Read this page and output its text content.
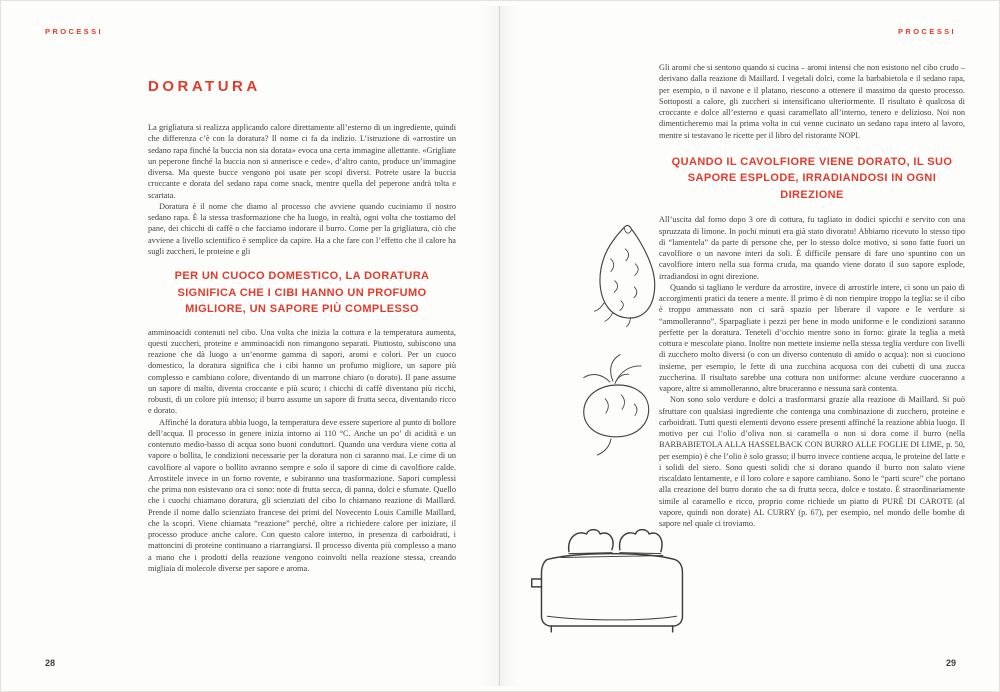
PROCESSI	PROCESSI
DORATURA

La grigliatura si realizza applicando calore direttamente all’esterno di un ingrediente, quindi che differenza c’è con la doratura? Il nome ci fa da indizio. L’istruzione di «arrostire un sedano rapa finché la buccia non sia dorata» evoca una certa immagine allettante. «Grigliate un peperone finché la buccia non si annerisce e cede», d’altro canto, produce un’immagine diversa. Ma queste bucce vengono poi usate per scopi diversi. Potrete usare la buccia croccante e dorata del sedano rapa come snack, mentre quella del peperone andrà tolta e scartata.

Doratura è il nome che diamo al processo che avviene quando cuciniamo il nostro sedano rapa. È la stessa trasformazione che ha luogo, in realtà, ogni volta che tostiamo del pane, dei chicchi di caffè o che facciamo indorare il burro. Come per la grigliatura, ciò che avviene a livello scientifico è semplice da capire. Ha a che fare con l’effetto che il calore ha sugli zuccheri, le proteine e gli

PER UN CUOCO DOMESTICO, LA DORATURA SIGNIFICA CHE I CIBI HANNO UN PROFUMO MIGLIORE, UN SAPORE PIÙ COMPLESSO

amminoacidi contenuti nel cibo. Una volta che inizia la cottura e la temperatura aumenta, questi zuccheri, proteine e amminoacidi non rimangono separati. Piuttosto, subiscono una reazione che dà luogo a un’enorme gamma di sapori, aromi e colori. Per un cuoco domestico, la doratura significa che i cibi hanno un profumo migliore, un sapore più complesso e cambiano colore, diventando di un marrone chiaro (o dorato). Il pane assume un sapore di malto, diventa croccante e più scuro; i chicchi di caffè diventano più ricchi, robusti, di un colore più intenso; il burro assume un sapore di frutta secca, diventando ricco e dorato.

Affinché la doratura abbia luogo, la temperatura deve essere superiore al punto di bollore dell’acqua. Il processo in genere inizia intorno ai 110 °C. Anche un po’ di acidità e un contenuto medio-basso di acqua sono buoni conduttori. Quando una verdura viene cotta al vapore o bollita, le condizioni necessarie per la doratura non ci saranno mai. Le cime di un cavolfiore al vapore o bollito avranno sempre e solo il sapore di cime di cavolfiore calde. Arrostitele invece in un forno rovente, e subiranno una trasformazione. Sapori complessi che prima non esistevano ora ci sono: note di frutta secca, di panna, dolci e sfumate. Quello che i cuochi chiamano doratura, gli scienziati del cibo lo chiamano reazione di Maillard. Prende il nome dallo scienziato francese dei primi del Novecento Louis Camille Maillard, che la scoprì. Viene chiamata “reazione” perché, oltre a richiedere calore per iniziare, il processo produce anche calore. Con questo calore interno, in presenza di carboidrati, i mattoncini di proteine continuano a riarrangiarsi. Il processo diventa più complesso a mano a mano che i prodotti della reazione vengono coinvolti nella reazione stessa, creando migliaia di molecole diverse per sapore e aroma.

28

Gli aromi che si sentono quando si cucina – aromi intensi che non esistono nel cibo crudo – derivano dalla reazione di Maillard. I vegetali dolci, come la barbabietola e il sedano rapa, per esempio, o il navone e il platano, riescono a ottenere il massimo da questo processo. Sottoposti a calore, gli zuccheri si intensificano ulteriormente. Il risultato è qualcosa di croccante e dolce all’esterno e quasi caramellato all’interno, tenero e delizioso. Noi non dimenticheremo mai la prima volta in cui venne cucinato un sedano rapa intero al lavoro, mentre si testavano le ricette per il libro del ristorante NOPI.

QUANDO IL CAVOLFIORE VIENE DORATO, IL SUO SAPORE ESPLODE, IRRADIANDOSI IN OGNI DIREZIONE

All’uscita dal forno dopo 3 ore di cottura, fu tagliato in dodici spicchi e servito con una spruzzata di limone. In pochi minuti era già stato divorato! Abbiamo ricevuto lo stesso tipo di “lamentela” da parte di persone che, per lo stesso dolce motivo, si sono fatte fuori un cavolfiore o un navone interi da soli. È difficile pensare di fare uno spuntino con un cavolfiore intero nella sua forma cruda, ma quando viene dorato il suo sapore esplode, irradiandosi in ogni direzione.

Quando si tagliano le verdure da arrostire, invece di arrostirle intere, ci sono un paio di accorgimenti pratici da tenere a mente. Il primo è di non riempire troppo la teglia: se il cibo è troppo ammassato non ci sarà spazio per liberare il vapore e le verdure si “ammolleranno”. Sparpagliate i pezzi per bene in modo uniforme e le condizioni saranno perfette per la doratura. Teneteli d’occhio mentre sono in forno: girate la teglia a metà cottura e mescolate piano. Inoltre non mettete insieme nella stessa teglia verdure con livelli di zucchero molto diversi (o con un diverso contenuto di amido o acqua): non si cuociono insieme, per esempio, le fette di una zucchina acquosa con dei cubetti di una zucca zuccherina. Il risultato sarebbe una cottura non uniforme: alcune verdure cuoceranno a vapore, altre si ammolleranno, altre bruceranno e nessuna sarà contenta.

Non sono solo verdure e dolci a trasformarsi grazie alla reazione di Maillard. Si può sfruttare con qualsiasi ingrediente che contenga una combinazione di zucchero, proteine e carboidrati. Tutti questi elementi devono essere presenti affinché la reazione abbia luogo. Il motivo per cui l’olio d’oliva non si caramella o non si dora come il burro (nella BARBABIETOLA ALLA HASSELBACK CON BURRO ALLE FOGLIE DI LIME, p. 50, per esempio) è che l’olio è solo grasso; il burro invece contiene acqua, le proteine del latte e i solidi del siero. Sono questi solidi che si dorano quando il burro non salato viene riscaldato lentamente, e il loro colore e sapore cambiano. Sono le “parti scure” che portano alla creazione del burro dorato che sa di frutta secca, dolce e tostato. È straordinariamente simile al caramello e ricco, proprio come richiede un piatto di PURÈ DI CAROTE (al vapore, quindi non dorate) AL CURRY (p. 67), per esempio, nel mondo delle bombe di sapore nel quale ci troviamo.

29
